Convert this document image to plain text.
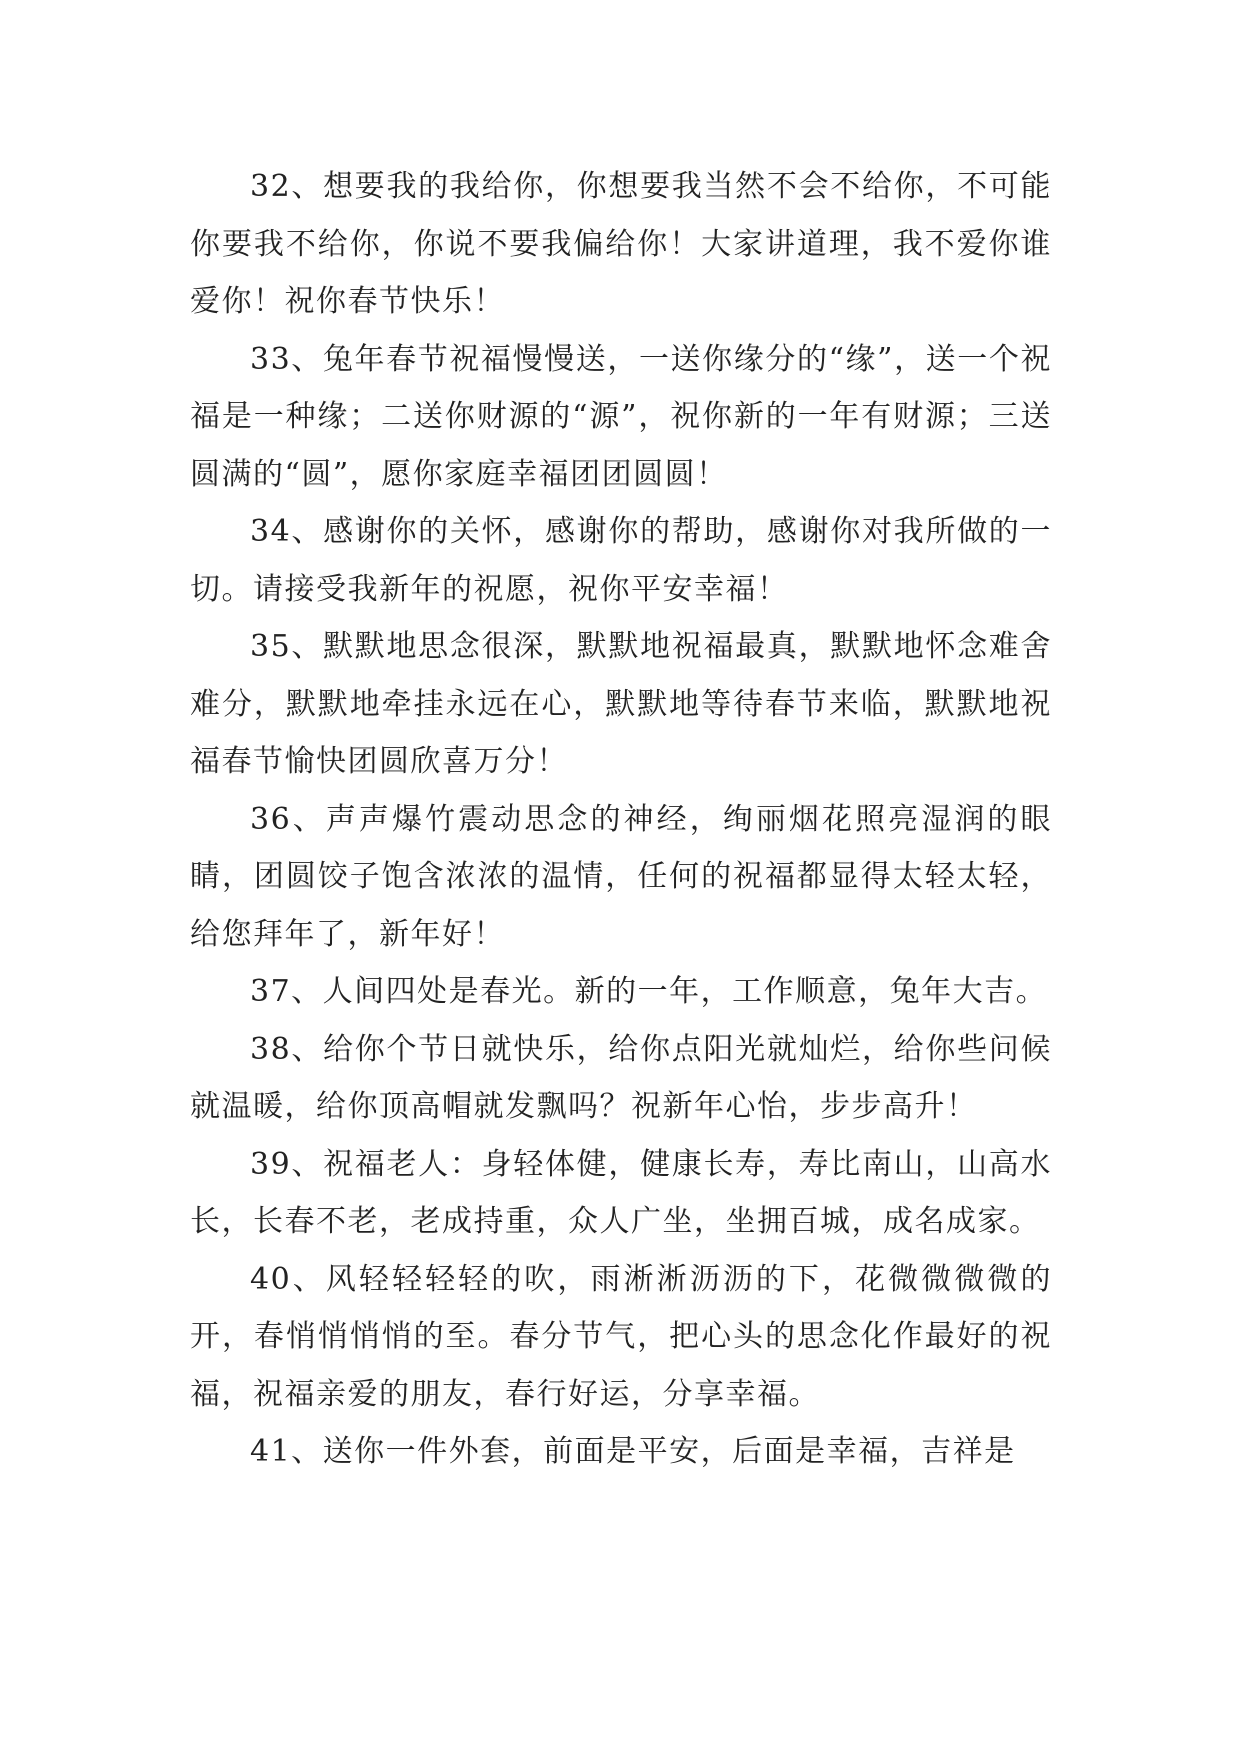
32、想要我的我给你，你想要我当然不会不给你，不可能你要我不给你，你说不要我偏给你！大家讲道理，我不爱你谁爱你！祝你春节快乐！

33、兔年春节祝福慢慢送，一送你缘分的“缘”，送一个祝福是一种缘；二送你财源的“源”，祝你新的一年有财源；三送圆满的“圆”，愿你家庭幸福团团圆圆！

34、感谢你的关怀，感谢你的帮助，感谢你对我所做的一切。请接受我新年的祝愿，祝你平安幸福！

35、默默地思念很深，默默地祝福最真，默默地怀念难舍难分，默默地牵挂永远在心，默默地等待春节来临，默默地祝福春节愉快团圆欣喜万分！

36、声声爆竹震动思念的神经，绚丽烟花照亮湿润的眼睛，团圆饺子饱含浓浓的温情，任何的祝福都显得太轻太轻，给您拜年了，新年好！

37、人间四处是春光。新的一年，工作顺意，兔年大吉。

38、给你个节日就快乐，给你点阳光就灿烂，给你些问候就温暖，给你顶高帽就发飘吗？祝新年心怡，步步高升！

39、祝福老人：身轻体健，健康长寿，寿比南山，山高水长，长春不老，老成持重，众人广坐，坐拥百城，成名成家。

40、风轻轻轻轻的吹，雨淅淅沥沥的下，花微微微微的开，春悄悄悄悄的至。春分节气，把心头的思念化作最好的祝福，祝福亲爱的朋友，春行好运，分享幸福。

41、送你一件外套，前面是平安，后面是幸福，吉祥是
